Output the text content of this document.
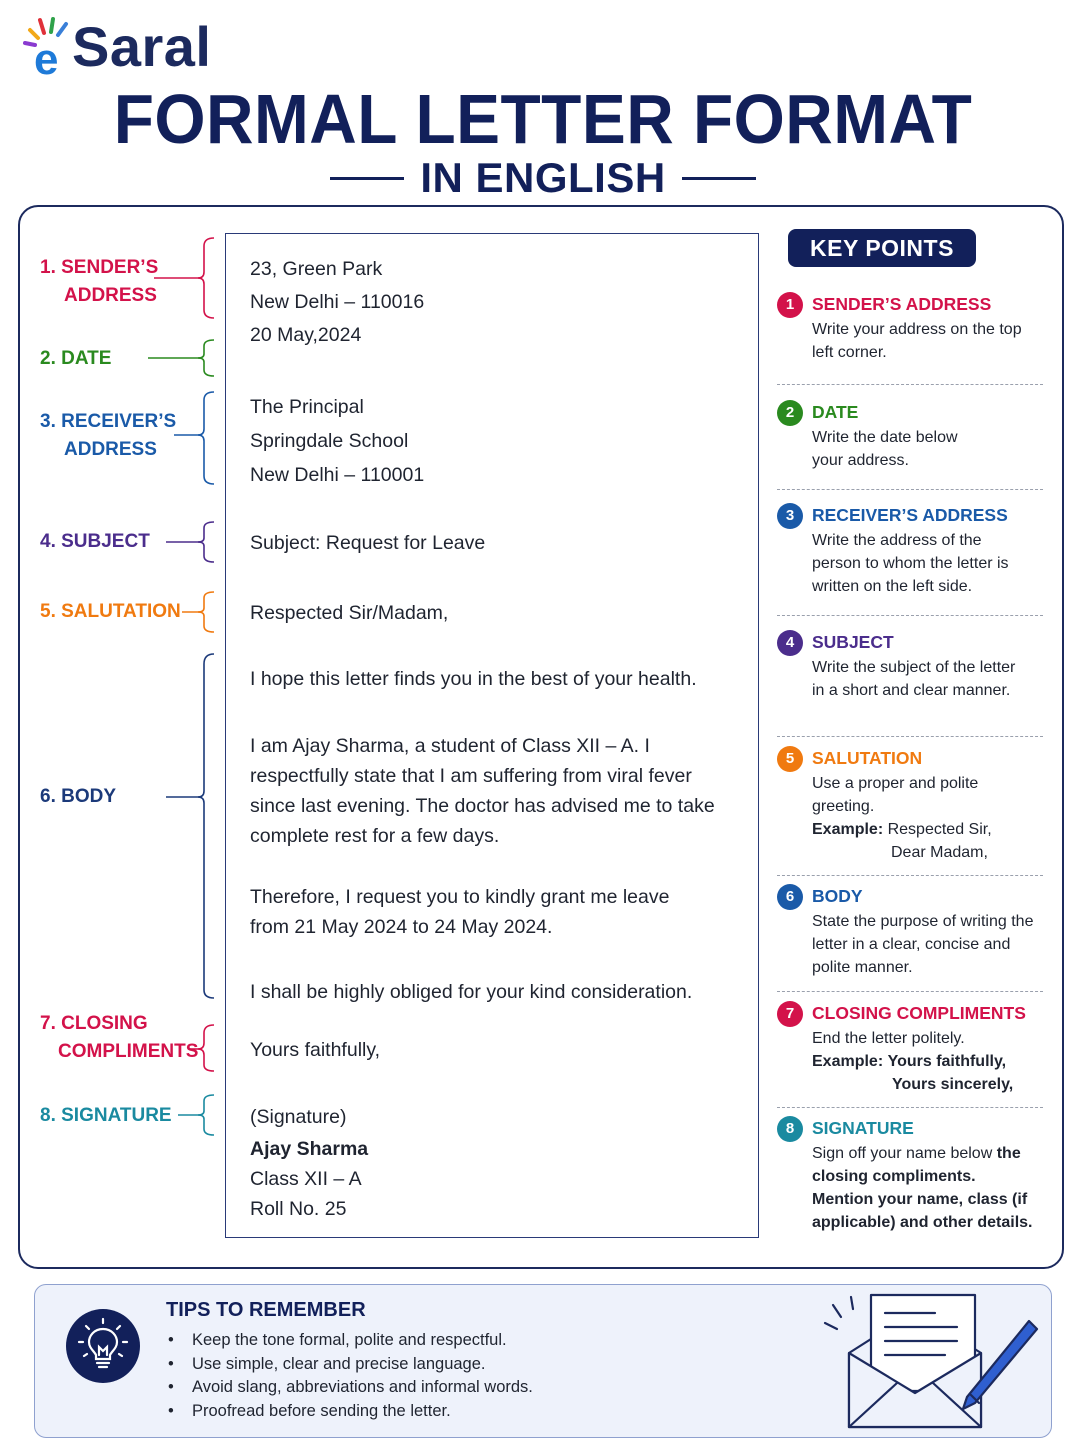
e Saral
FORMAL LETTER FORMAT
IN ENGLISH
1. SENDER’S
ADDRESS
2. DATE
3. RECEIVER’S
ADDRESS
4. SUBJECT
5. SALUTATION
6. BODY
7. CLOSING
COMPLIMENTS
8. SIGNATURE
23, Green Park
New Delhi – 110016
20 May,2024
The Principal
Springdale School
New Delhi – 110001
Subject: Request for Leave
Respected Sir/Madam,
I hope this letter finds you in the best of your health.
I am Ajay Sharma, a student of Class XII – A. I respectfully state that I am suffering from viral fever since last evening. The doctor has advised me to take complete rest for a few days.
Therefore, I request you to kindly grant me leave from 21 May 2024 to 24 May 2024.
I shall be highly obliged for your kind consideration.
Yours faithfully,
(Signature)
Ajay Sharma
Class XII – A
Roll No. 25
KEY POINTS
1	SENDER’S ADDRESS
Write your address on the top left corner.
2	DATE
Write the date below your address.
3	RECEIVER’S ADDRESS
Write the address of the person to whom the letter is written on the left side.
4	SUBJECT
Write the subject of the letter in a short and clear manner.
5	SALUTATION
Use a proper and polite greeting.
Example: Respected Sir,
Dear Madam,
6	BODY
State the purpose of writing the letter in a clear, concise and polite manner.
7	CLOSING COMPLIMENTS
End the letter politely.
Example: Yours faithfully,
Yours sincerely,
8	SIGNATURE
Sign off your name below the closing compliments. Mention your name, class (if applicable) and other details.
TIPS TO REMEMBER
• Keep the tone formal, polite and respectful.
• Use simple, clear and precise language.
• Avoid slang, abbreviations and informal words.
• Proofread before sending the letter.
